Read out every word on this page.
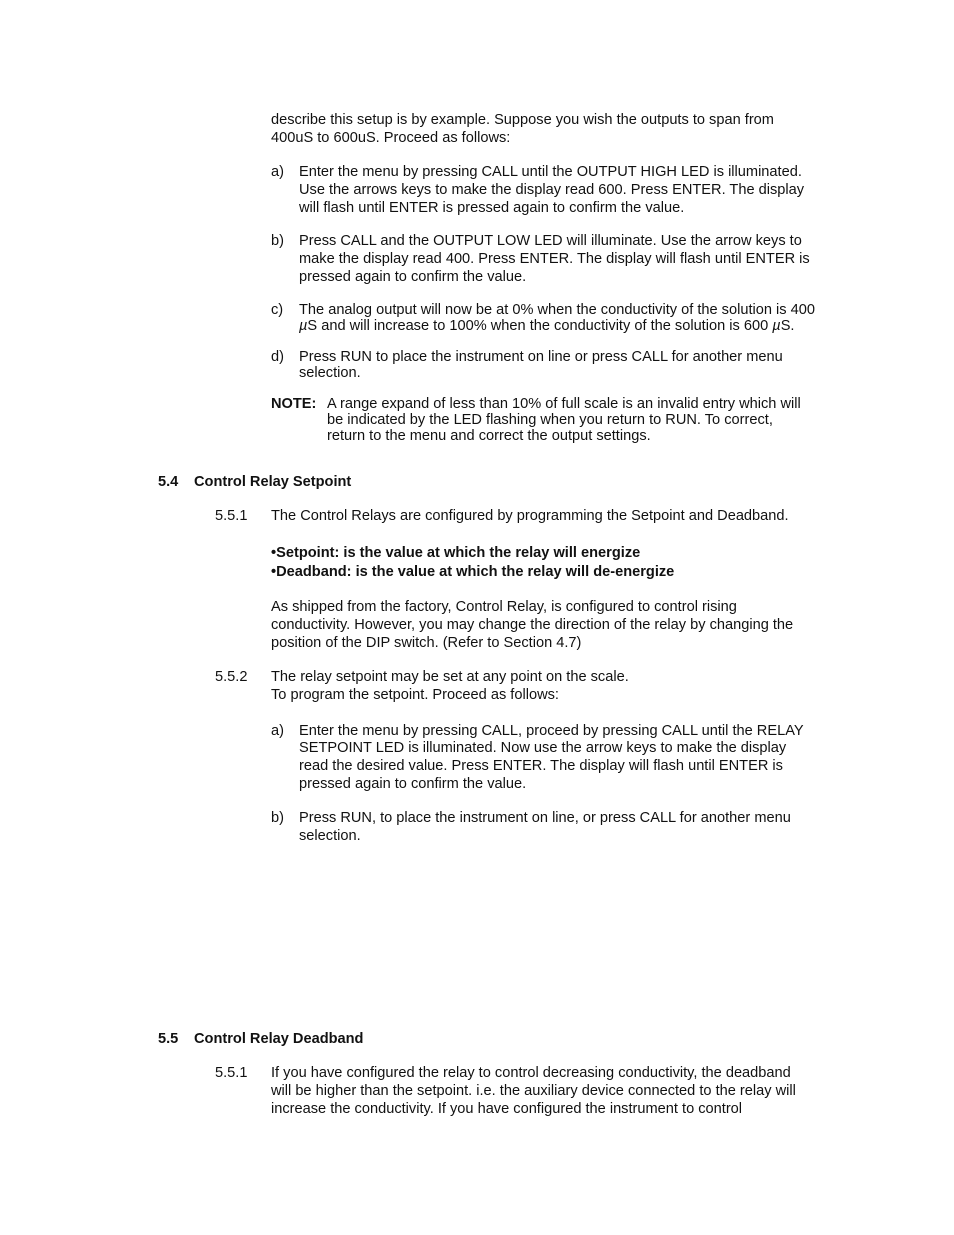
describe this setup is by example. Suppose you wish the outputs to span from

400uS to 600uS. Proceed as follows:

a) Enter the menu by pressing CALL until the OUTPUT HIGH LED is illuminated.

Use the arrows keys to make the display read 600. Press ENTER. The display

will flash until ENTER is pressed again to confirm the value.

b) Press CALL and the OUTPUT LOW LED will illuminate. Use the arrow keys to

make the display read 400. Press ENTER. The display will flash until ENTER is

pressed again to confirm the value.

c) The analog output will now be at 0% when the conductivity of the solution is 400

µS and will increase to 100% when the conductivity of the solution is 600 µS.

d) Press RUN to place the instrument on line or press CALL for another menu

selection.

NOTE: A range expand of less than 10% of full scale is an invalid entry which will

be indicated by the LED flashing when you return to RUN. To correct,

return to the menu and correct the output settings.

5.4 Control Relay Setpoint
5.5.1 The Control Relays are configured by programming the Setpoint and Deadband.

•Setpoint: is the value at which the relay will energize

•Deadband: is the value at which the relay will de-energize

As shipped from the factory, Control Relay, is configured to control rising

conductivity. However, you may change the direction of the relay by changing the

position of the DIP switch. (Refer to Section 4.7)

5.5.2 The relay setpoint may be set at any point on the scale.

To program the setpoint. Proceed as follows:

a) Enter the menu by pressing CALL, proceed by pressing CALL until the RELAY

SETPOINT LED is illuminated. Now use the arrow keys to make the display

read the desired value. Press ENTER. The display will flash until ENTER is

pressed again to confirm the value.

b) Press RUN, to place the instrument on line, or press CALL for another menu

selection.

5.5 Control Relay Deadband
5.5.1 If you have configured the relay to control decreasing conductivity, the deadband

will be higher than the setpoint. i.e. the auxiliary device connected to the relay will

increase the conductivity. If you have configured the instrument to control
